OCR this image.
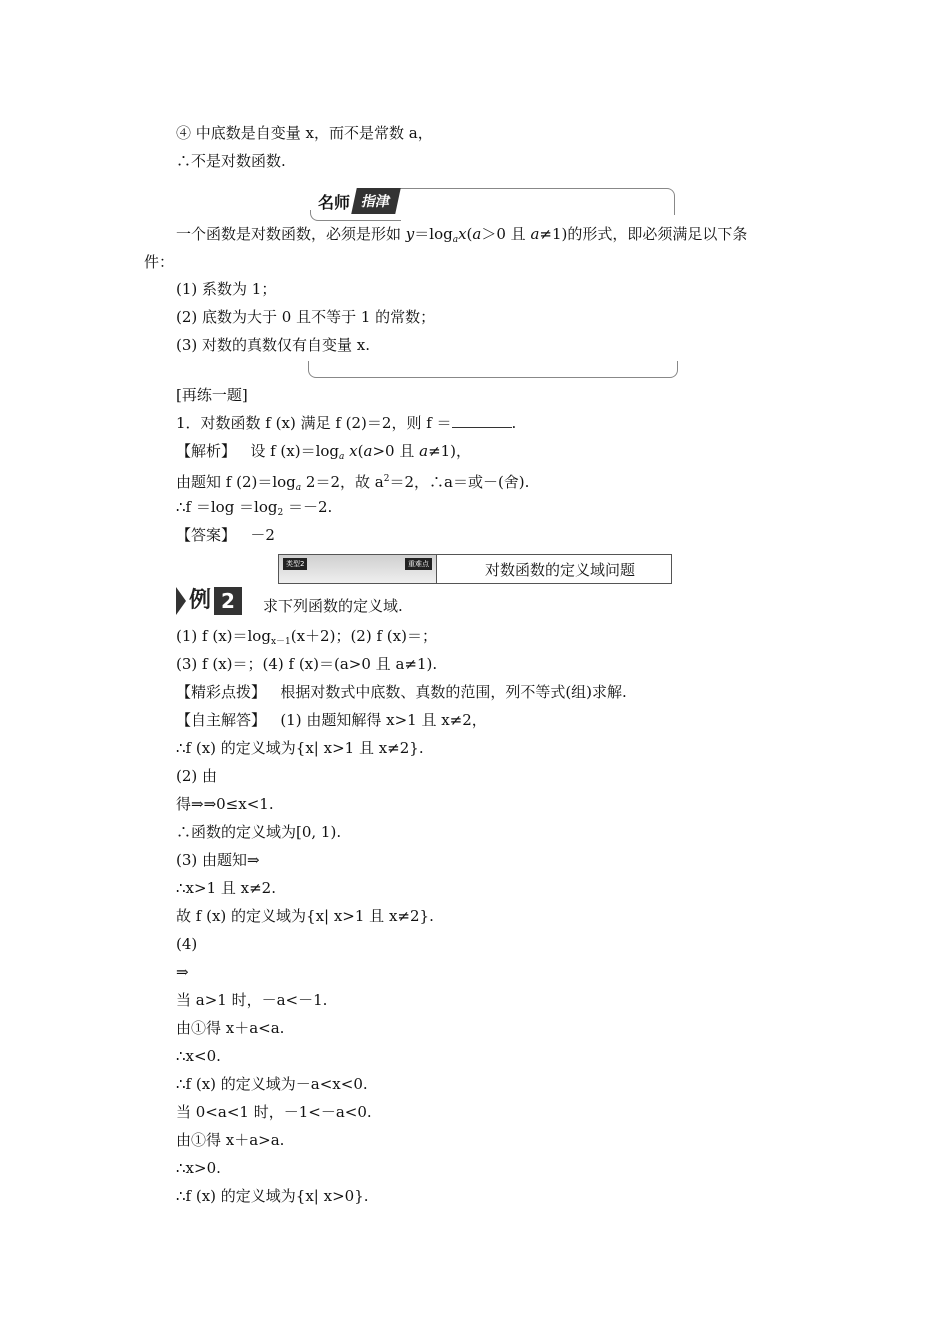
④ 中底数是自变量 x，而不是常数 a，
∴不是对数函数.
名师 指津
一个函数是对数函数，必须是形如 $y=\log_ax(a>0$ 且 a≠1)的形式，即必须满足以下条
件：
(1) 系数为 1；
(2) 底数为大于 0 且不等于 1 的常数；
(3) 对数的真数仅有自变量 x.
[再练一题]
1．对数函数 f (x) 满足 f (2)＝2，则 f ＝	.
【解析】 设 f $(x)=\log_a$ x(a>0 且 a≠1)，
由题知 f $(2)=\log_a$ 2＝2，故 $a^2=2$，∴a＝或－(舍).
∴f $=\log =\log_2 =-2$.
【答案】 －2
类型2	重难点	对数函数的定义域问题
例 2	求下列函数的定义域.
(1) f $(x)=\log_{x-1}(x+2)$；(2) f (x)＝；
(3) f (x)＝；(4) f (x)＝(a>0 且 a≠1).
【精彩点拨】 根据对数式中底数、真数的范围，列不等式(组)求解.
【自主解答】 (1) 由题知解得 x>1 且 x≠2，
∴f (x) 的定义域为{x| x>1 且 x≠2}.
(2) 由
得⇒⇒0≤x<1.
∴函数的定义域为[0, 1).
(3) 由题知⇒
∴x>1 且 x≠2.
故 f (x) 的定义域为{x| x>1 且 x≠2}.
(4)
⇒
当 a>1 时，－a<－1.
由①得 x＋a<a.
∴x<0.
∴f (x) 的定义域为－a<x<0.
当 0<a<1 时，－1<－a<0.
由①得 x＋a>a.
∴x>0.
∴f (x) 的定义域为{x| x>0}.
